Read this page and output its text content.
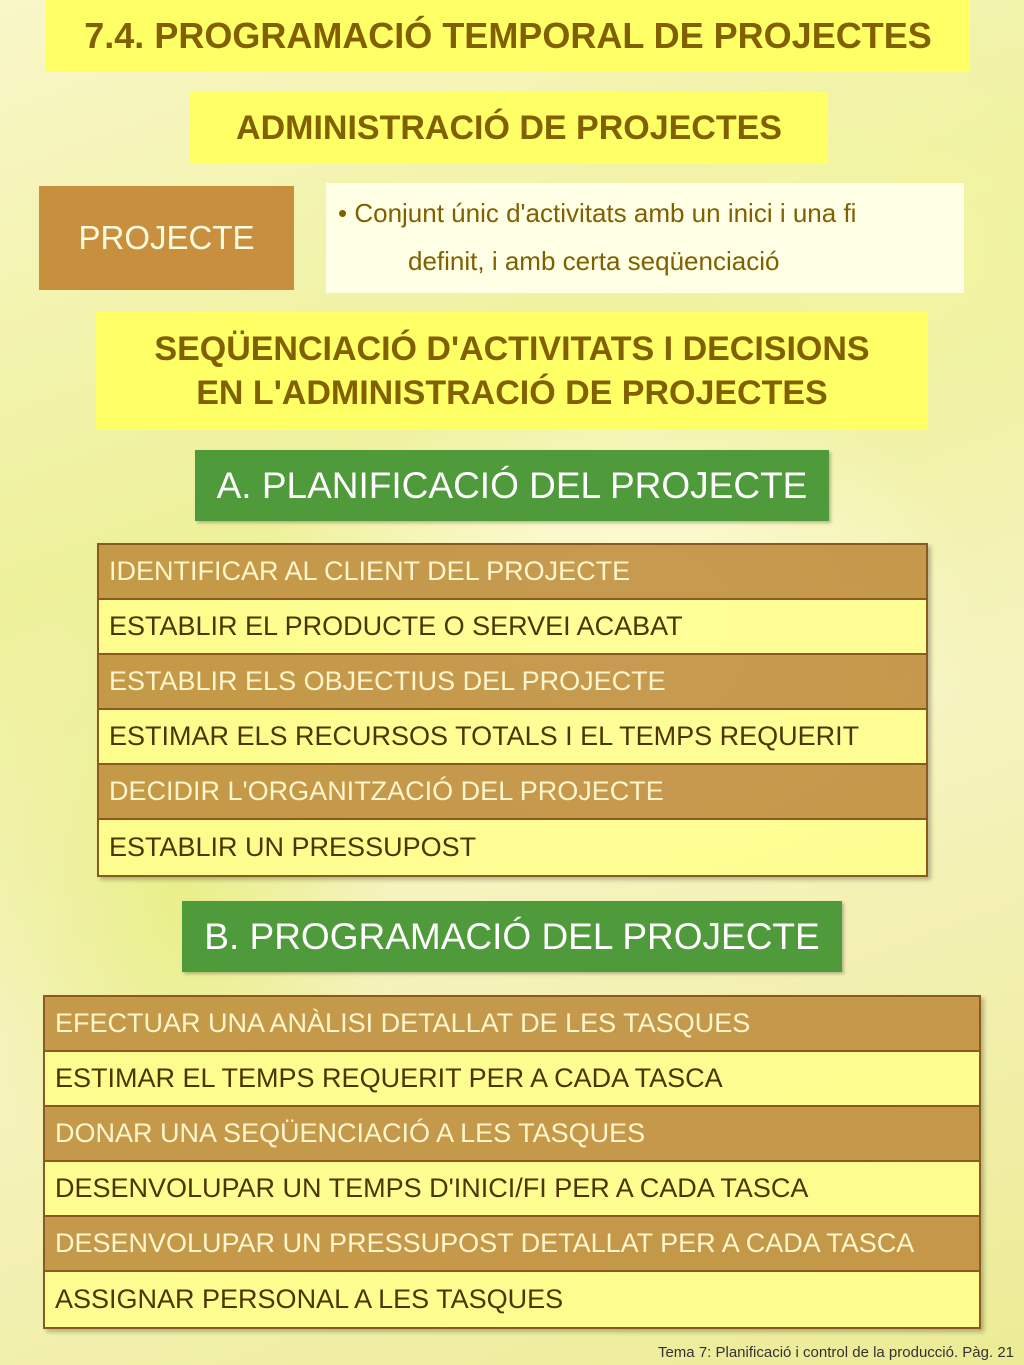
7.4. PROGRAMACIÓ TEMPORAL DE PROJECTES
ADMINISTRACIÓ DE PROJECTES
PROJECTE
• Conjunt únic d'activitats amb un inici i una fi
definit, i amb certa seqüenciació
SEQÜENCIACIÓ D'ACTIVITATS I DECISIONS
EN L'ADMINISTRACIÓ DE PROJECTES
A. PLANIFICACIÓ DEL PROJECTE
IDENTIFICAR AL CLIENT DEL PROJECTE
ESTABLIR EL PRODUCTE O SERVEI ACABAT
ESTABLIR ELS OBJECTIUS DEL PROJECTE
ESTIMAR ELS RECURSOS TOTALS I EL TEMPS REQUERIT
DECIDIR L'ORGANITZACIÓ DEL PROJECTE
ESTABLIR UN PRESSUPOST
B. PROGRAMACIÓ DEL PROJECTE
EFECTUAR UNA ANÀLISI DETALLAT DE LES TASQUES
ESTIMAR EL TEMPS REQUERIT PER A CADA TASCA
DONAR UNA SEQÜENCIACIÓ A LES TASQUES
DESENVOLUPAR UN TEMPS D'INICI/FI PER A CADA TASCA
DESENVOLUPAR UN PRESSUPOST DETALLAT PER A CADA TASCA
ASSIGNAR PERSONAL A LES TASQUES
Tema 7: Planificació i control de la producció. Pàg. 21
